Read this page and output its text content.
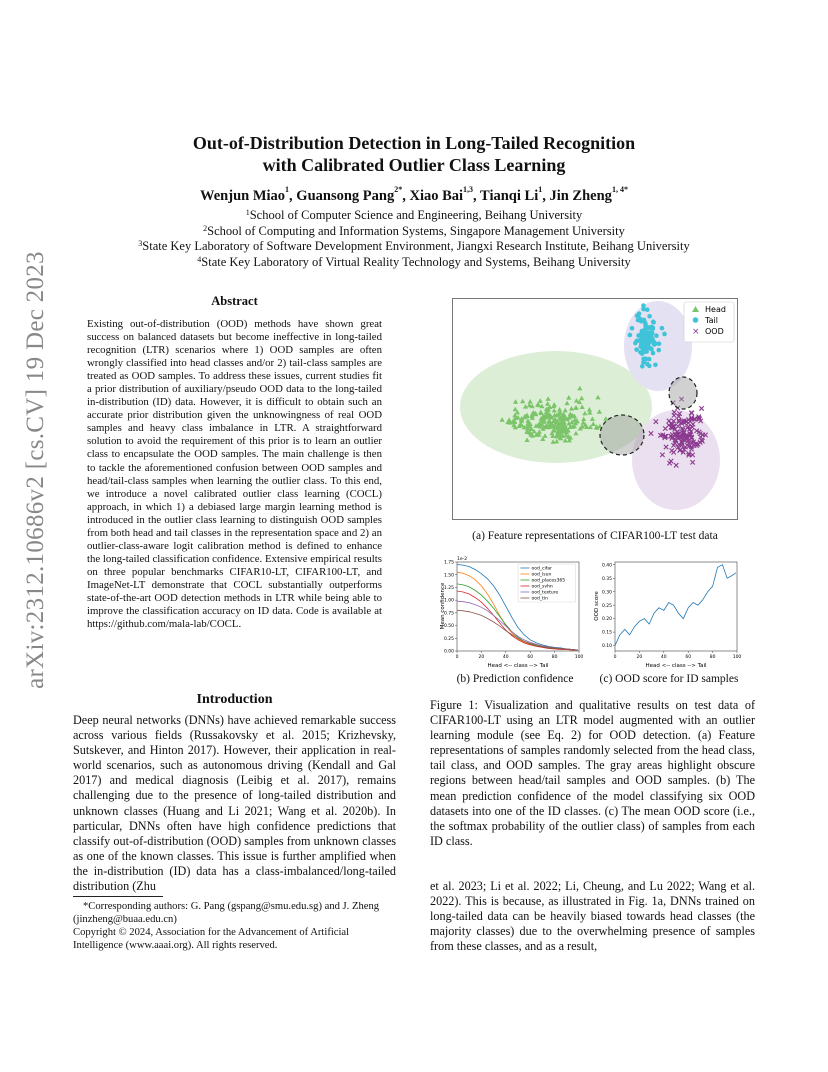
arXiv:2312.10686v2 [cs.CV] 19 Dec 2023
Out-of-Distribution Detection in Long-Tailed Recognition
with Calibrated Outlier Class Learning
Wenjun Miao$^1$, Guansong Pang$^{2*}$, Xiao Bai$^{1,3}$, Tianqi Li$^1$, Jin Zheng$^{1, 4*}$
$^1$School of Computer Science and Engineering, Beihang University
$^2$School of Computing and Information Systems, Singapore Management University
$^3$State Key Laboratory of Software Development Environment, Jiangxi Research Institute, Beihang University
$^4$State Key Laboratory of Virtual Reality Technology and Systems, Beihang University
Abstract
Existing out-of-distribution (OOD) methods have shown great success on balanced datasets but become ineffective in long-tailed recognition (LTR) scenarios where 1) OOD samples are often wrongly classified into head classes and/or 2) tail-class samples are treated as OOD samples. To address these issues, current studies fit a prior distribution of auxiliary/pseudo OOD data to the long-tailed in-distribution (ID) data. However, it is difficult to obtain such an accurate prior distribution given the unknowingness of real OOD samples and heavy class imbalance in LTR. A straightforward solution to avoid the requirement of this prior is to learn an outlier class to encapsulate the OOD samples. The main challenge is then to tackle the aforementioned confusion between OOD samples and head/tail-class samples when learning the outlier class. To this end, we introduce a novel calibrated outlier class learning (COCL) approach, in which 1) a debiased large margin learning method is introduced in the outlier class learning to distinguish OOD samples from both head and tail classes in the representation space and 2) an outlier-class-aware logit calibration method is defined to enhance the long-tailed classification confidence. Extensive empirical results on three popular benchmarks CIFAR10-LT, CIFAR100-LT, and ImageNet-LT demonstrate that COCL substantially outperforms state-of-the-art OOD detection methods in LTR while being able to improve the classification accuracy on ID data. Code is available at https://github.com/mala-lab/COCL.
Introduction
Deep neural networks (DNNs) have achieved remarkable success across various fields (Russakovsky et al. 2015; Krizhevsky, Sutskever, and Hinton 2017). However, their application in real-world scenarios, such as autonomous driving (Kendall and Gal 2017) and medical diagnosis (Leibig et al. 2017), remains challenging due to the presence of long-tailed distribution and unknown classes (Huang and Li 2021; Wang et al. 2020b). In particular, DNNs often have high confidence predictions that classify out-of-distribution (OOD) samples from unknown classes as one of the known classes. This issue is further amplified when the in-distribution (ID) data has a class-imbalanced/long-tailed distribution (Zhu
*Corresponding authors: G. Pang (gspang@smu.edu.sg) and J. Zheng (jinzheng@buaa.edu.cn)
Copyright © 2024, Association for the Advancement of Artificial Intelligence (www.aaai.org). All rights reserved.
Head
Tail
× OOD
(a) Feature representations of CIFAR100-LT test data
1e-2
0.00
0.25
0.50
0.75
1.00
1.25
1.50
1.75
0	20	40	60	80	100
ood_cifar
ood_lsun
ood_places365
ood_svhn
ood_texture
ood_tin
Head <-- class --> Tail
Mean confidence
(b) Prediction confidence
0.10
0.15
0.20
0.25
0.30
0.35
0.40
0	20	40	60	80	100
Head <-- class --> Tail
OOD score
(c) OOD score for ID samples
Figure 1: Visualization and qualitative results on test data of CIFAR100-LT using an LTR model augmented with an outlier learning module (see Eq. 2) for OOD detection. (a) Feature representations of samples randomly selected from the head class, tail class, and OOD samples. The gray areas highlight obscure regions between head/tail samples and OOD samples. (b) The mean prediction confidence of the model classifying six OOD datasets into one of the ID classes. (c) The mean OOD score (i.e., the softmax probability of the outlier class) of samples from each ID class.
et al. 2023; Li et al. 2022; Li, Cheung, and Lu 2022; Wang et al. 2022). This is because, as illustrated in Fig. 1a, DNNs trained on long-tailed data can be heavily biased towards head classes (the majority classes) due to the overwhelming presence of samples from these classes, and as a result,
